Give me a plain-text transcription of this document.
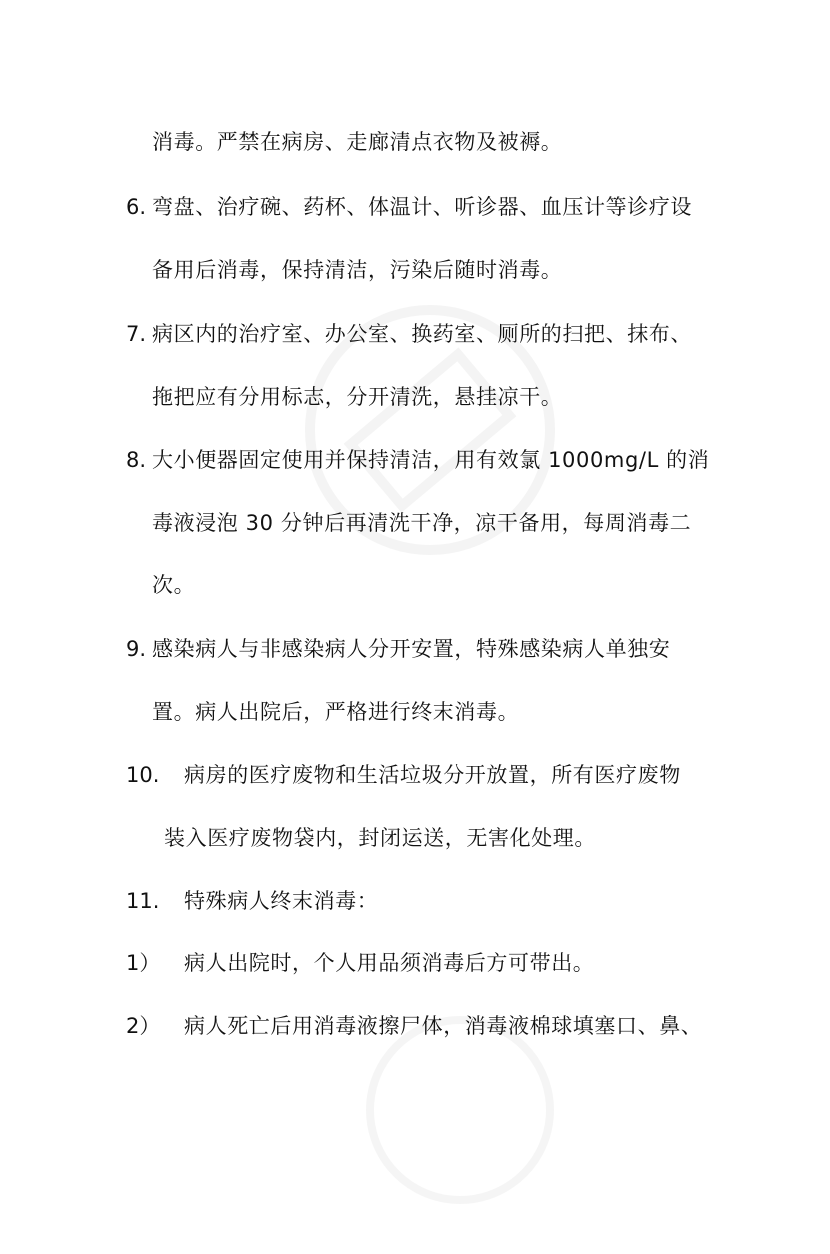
消毒。严禁在病房、走廊清点衣物及被褥。
6. 弯盘、治疗碗、药杯、体温计、听诊器、血压计等诊疗设
备用后消毒，保持清洁，污染后随时消毒。
7. 病区内的治疗室、办公室、换药室、厕所的扫把、抹布、
拖把应有分用标志，分开清洗，悬挂凉干。
8. 大小便器固定使用并保持清洁，用有效氯 1000mg/L 的消
毒液浸泡 30 分钟后再清洗干净，凉干备用，每周消毒二
次。
9. 感染病人与非感染病人分开安置，特殊感染病人单独安
置。病人出院后，严格进行终末消毒。
10. 病房的医疗废物和生活垃圾分开放置，所有医疗废物
装入医疗废物袋内，封闭运送，无害化处理。
11. 特殊病人终末消毒：
1） 病人出院时，个人用品须消毒后方可带出。
2） 病人死亡后用消毒液擦尸体，消毒液棉球填塞口、鼻、
